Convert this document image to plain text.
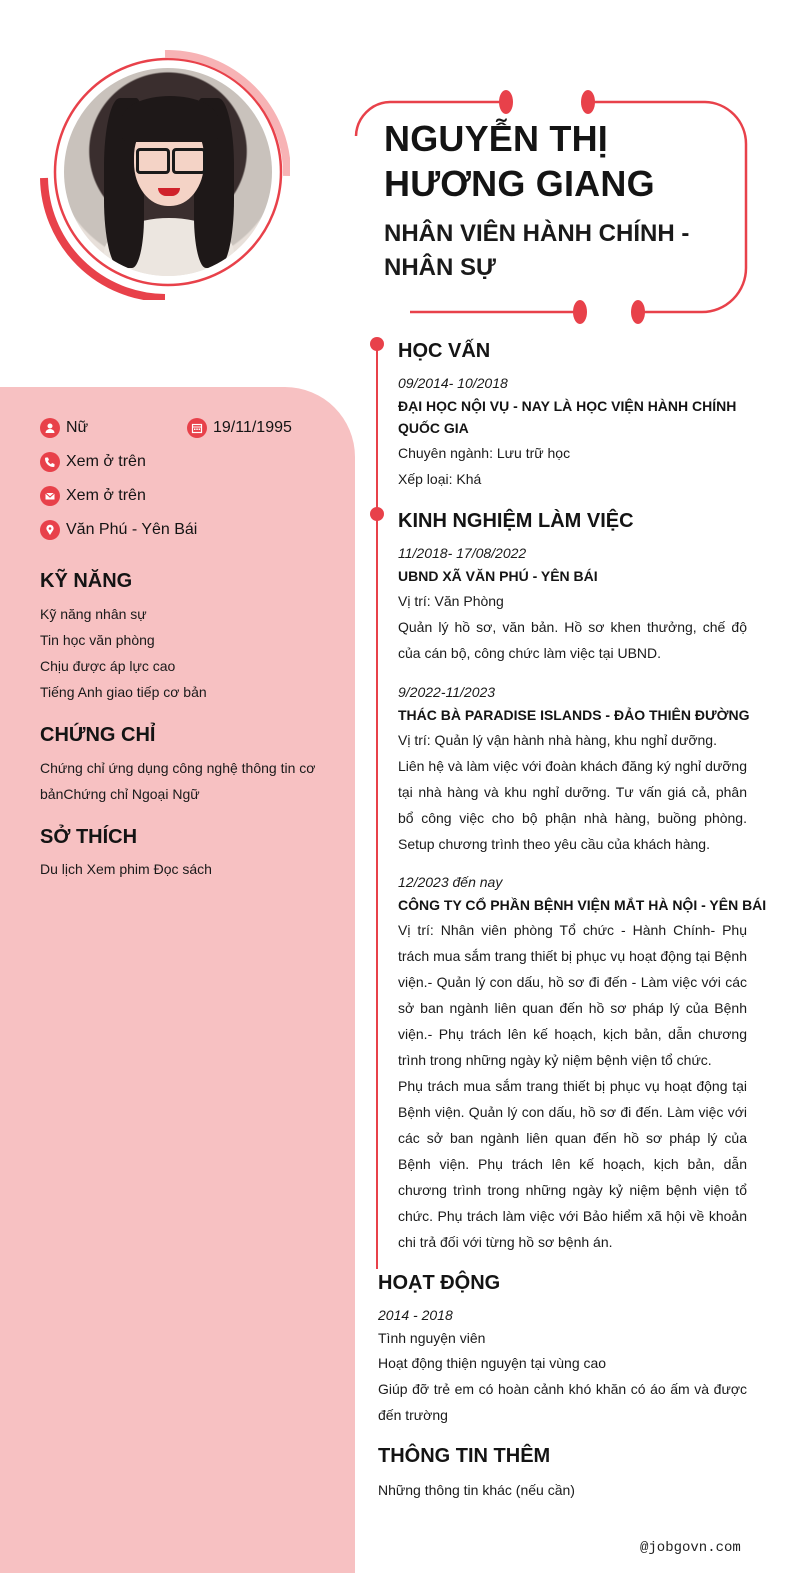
NGUYỄN THỊ
HƯƠNG GIANG
NHÂN VIÊN HÀNH CHÍNH -
NHÂN SỰ
Nữ	19/11/1995
Xem ở trên
Xem ở trên
Văn Phú - Yên Bái
KỸ NĂNG
Kỹ năng nhân sự
Tin học văn phòng
Chịu được áp lực cao
Tiếng Anh giao tiếp cơ bản
CHỨNG CHỈ
Chứng chỉ ứng dụng công nghệ thông tin cơ
bảnChứng chỉ Ngoại Ngữ
SỞ THÍCH
Du lịch Xem phim Đọc sách
HỌC VẤN
09/2014- 10/2018
ĐẠI HỌC NỘI VỤ - NAY LÀ HỌC VIỆN HÀNH CHÍNH
QUỐC GIA
Chuyên ngành: Lưu trữ học
Xếp loại: Khá
KINH NGHIỆM LÀM VIỆC
11/2018- 17/08/2022
UBND XÃ VĂN PHÚ - YÊN BÁI
Vị trí: Văn Phòng
Quản lý hồ sơ, văn bản. Hồ sơ khen thưởng, chế độ của cán bộ, công chức làm việc tại UBND.
9/2022-11/2023
THÁC BÀ PARADISE ISLANDS - ĐẢO THIÊN ĐƯỜNG
Vị trí: Quản lý vận hành nhà hàng, khu nghỉ dưỡng.
Liên hệ và làm việc với đoàn khách đăng ký nghỉ dưỡng tại nhà hàng và khu nghỉ dưỡng. Tư vấn giá cả, phân bổ công việc cho bộ phận nhà hàng, buồng phòng. Setup chương trình theo yêu cầu của khách hàng.
12/2023 đến nay
CÔNG TY CỔ PHẦN BỆNH VIỆN MẮT HÀ NỘI - YÊN BÁI
Vị trí: Nhân viên phòng Tổ chức - Hành Chính- Phụ trách mua sắm trang thiết bị phục vụ hoạt động tại Bệnh viện.- Quản lý con dấu, hồ sơ đi đến - Làm việc với các sở ban ngành liên quan đến hồ sơ pháp lý của Bệnh viện.- Phụ trách lên kế hoạch, kịch bản, dẫn chương trình trong những ngày kỷ niệm bệnh viện tổ chức.
Phụ trách mua sắm trang thiết bị phục vụ hoạt động tại Bệnh viện. Quản lý con dấu, hồ sơ đi đến. Làm việc với các sở ban ngành liên quan đến hồ sơ pháp lý của Bệnh viện. Phụ trách lên kế hoạch, kịch bản, dẫn chương trình trong những ngày kỷ niệm bệnh viện tổ chức. Phụ trách làm việc với Bảo hiểm xã hội về khoản chi trả đối với từng hồ sơ bệnh án.
HOẠT ĐỘNG
2014 - 2018
Tình nguyện viên
Hoạt động thiện nguyện tại vùng cao
Giúp đỡ trẻ em có hoàn cảnh khó khăn có áo ấm và được đến trường
THÔNG TIN THÊM
Những thông tin khác (nếu cần)
@jobgovn.com
